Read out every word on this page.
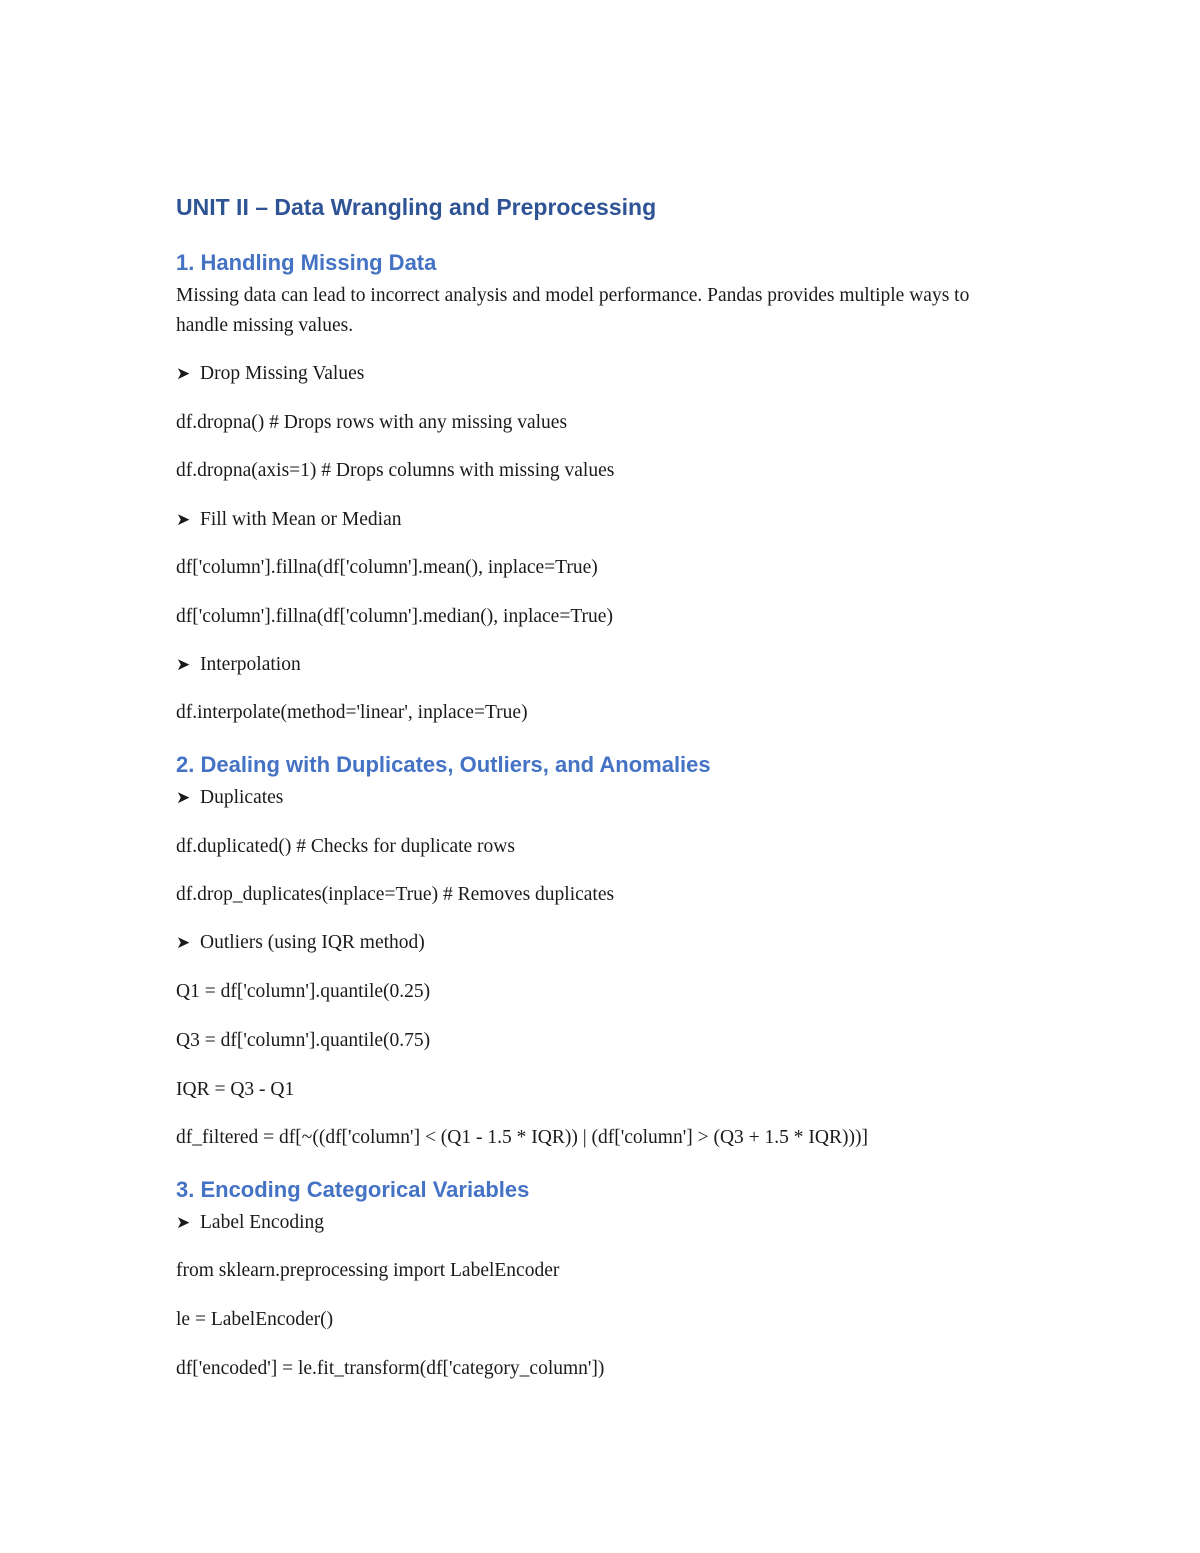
UNIT II – Data Wrangling and Preprocessing
1. Handling Missing Data

Missing data can lead to incorrect analysis and model performance. Pandas provides multiple ways to handle missing values.

➤ Drop Missing Values

df.dropna() # Drops rows with any missing values

df.dropna(axis=1) # Drops columns with missing values

➤ Fill with Mean or Median

df['column'].fillna(df['column'].mean(), inplace=True)

df['column'].fillna(df['column'].median(), inplace=True)

➤ Interpolation

df.interpolate(method='linear', inplace=True)

2. Dealing with Duplicates, Outliers, and Anomalies

➤ Duplicates

df.duplicated() # Checks for duplicate rows

df.drop_duplicates(inplace=True) # Removes duplicates

➤ Outliers (using IQR method)

Q1 = df['column'].quantile(0.25)

Q3 = df['column'].quantile(0.75)

IQR = Q3 - Q1

df_filtered = df[~((df['column'] < (Q1 - 1.5 * IQR)) | (df['column'] > (Q3 + 1.5 * IQR)))]

3. Encoding Categorical Variables

➤ Label Encoding

from sklearn.preprocessing import LabelEncoder

le = LabelEncoder()

df['encoded'] = le.fit_transform(df['category_column'])
